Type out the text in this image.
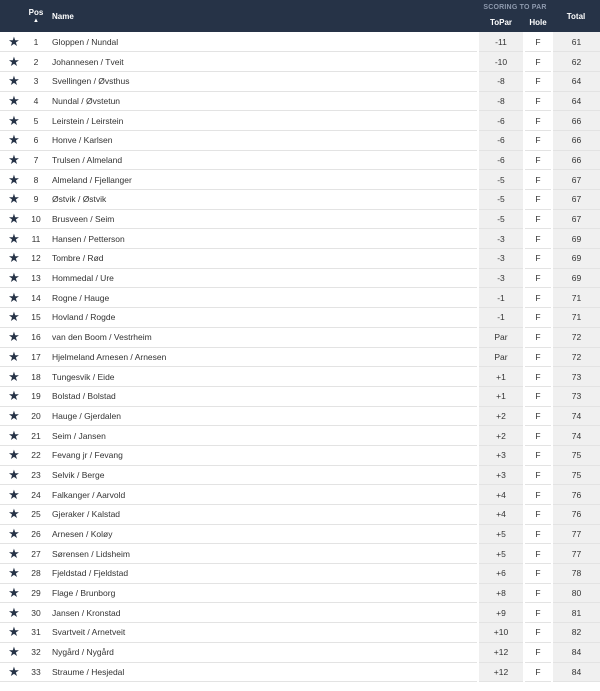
	Pos
▲	Name	SCORING TO PAR
ToPar	Hole	Total
★	1	Gloppen / Nundal	-11	F	61
★	2	Johannesen / Tveit	-10	F	62
★	3	Svellingen / Øvsthus	-8	F	64
★	4	Nundal / Øvstetun	-8	F	64
★	5	Leirstein / Leirstein	-6	F	66
★	6	Honve / Karlsen	-6	F	66
★	7	Trulsen / Almeland	-6	F	66
★	8	Almeland / Fjellanger	-5	F	67
★	9	Østvik / Østvik	-5	F	67
★	10	Brusveen / Seim	-5	F	67
★	11	Hansen / Petterson	-3	F	69
★	12	Tombre / Rød	-3	F	69
★	13	Hommedal / Ure	-3	F	69
★	14	Rogne / Hauge	-1	F	71
★	15	Hovland / Rogde	-1	F	71
★	16	van den Boom / Vestrheim	Par	F	72
★	17	Hjelmeland Arnesen / Arnesen	Par	F	72
★	18	Tungesvik / Eide	+1	F	73
★	19	Bolstad / Bolstad	+1	F	73
★	20	Hauge / Gjerdalen	+2	F	74
★	21	Seim / Jansen	+2	F	74
★	22	Fevang jr / Fevang	+3	F	75
★	23	Selvik / Berge	+3	F	75
★	24	Falkanger / Aarvold	+4	F	76
★	25	Gjeraker / Kalstad	+4	F	76
★	26	Arnesen / Koløy	+5	F	77
★	27	Sørensen / Lidsheim	+5	F	77
★	28	Fjeldstad / Fjeldstad	+6	F	78
★	29	Flage / Brunborg	+8	F	80
★	30	Jansen / Kronstad	+9	F	81
★	31	Svartveit / Arnetveit	+10	F	82
★	32	Nygård / Nygård	+12	F	84
★	33	Straume / Hesjedal	+12	F	84
